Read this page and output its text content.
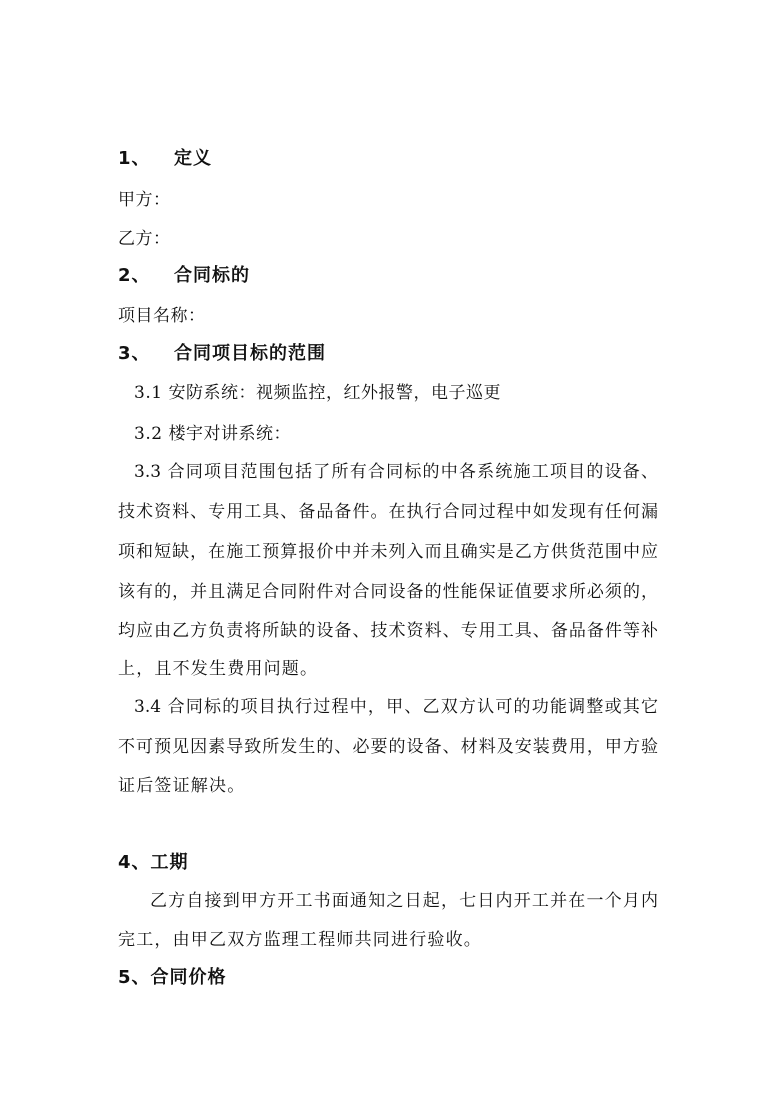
1、 定义
甲方：
乙方：
2、 合同标的
项目名称：
3、 合同项目标的范围
3.1 安防系统：视频监控，红外报警，电子巡更
3.2 楼宇对讲系统：
3.3 合同项目范围包括了所有合同标的中各系统施工项目的设备、
技术资料、专用工具、备品备件。在执行合同过程中如发现有任何漏
项和短缺，在施工预算报价中并未列入而且确实是乙方供货范围中应
该有的，并且满足合同附件对合同设备的性能保证值要求所必须的，
均应由乙方负责将所缺的设备、技术资料、专用工具、备品备件等补
上，且不发生费用问题。
3.4 合同标的项目执行过程中，甲、乙双方认可的功能调整或其它
不可预见因素导致所发生的、必要的设备、材料及安装费用，甲方验
证后签证解决。
4、工期
乙方自接到甲方开工书面通知之日起，七日内开工并在一个月内
完工，由甲乙双方监理工程师共同进行验收。
5、合同价格
